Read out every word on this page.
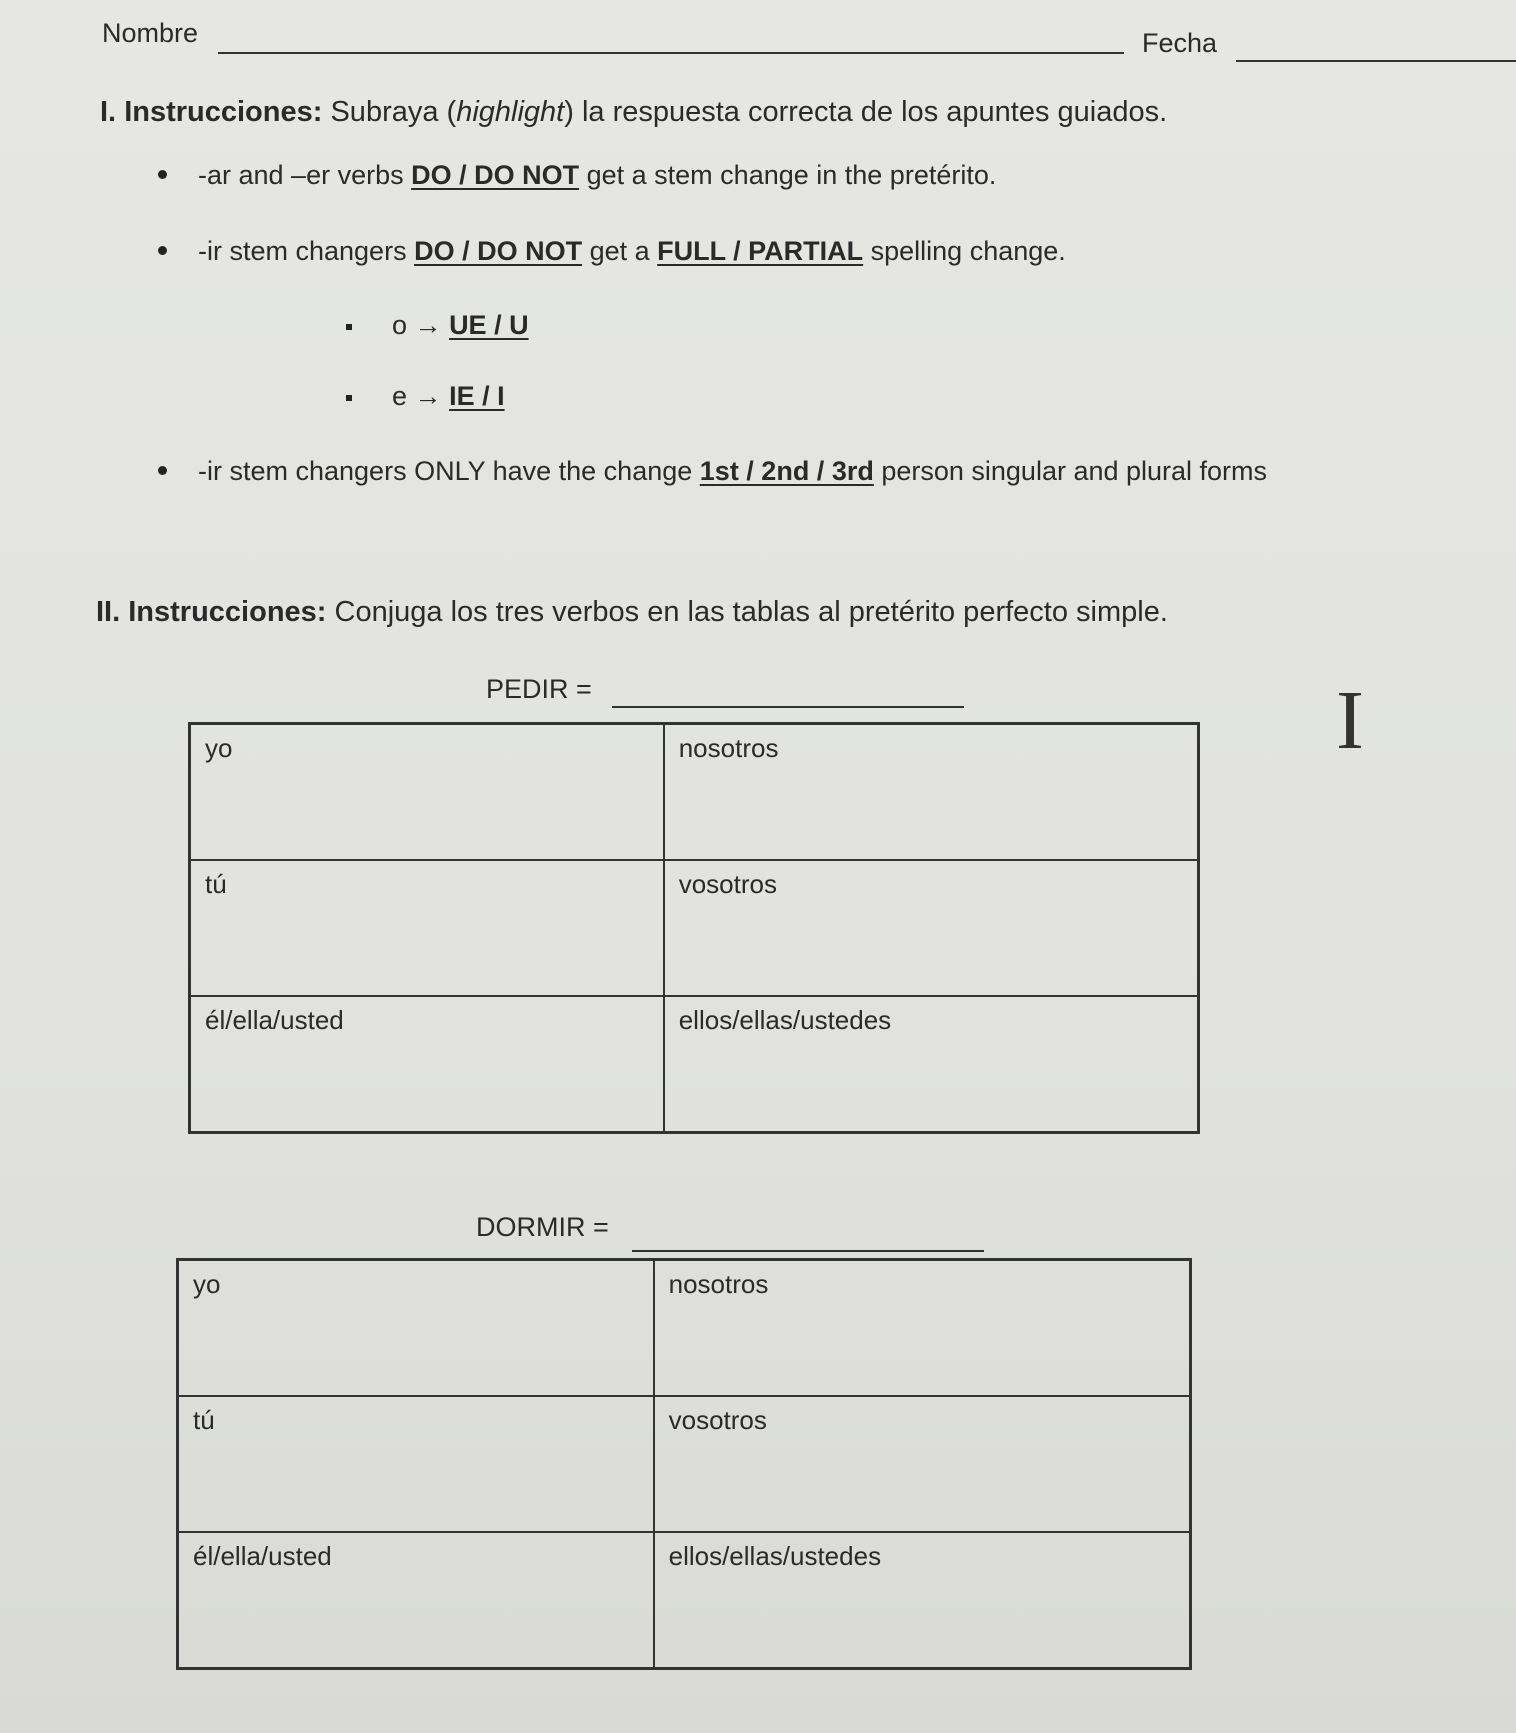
Nombre	Fecha
I. Instrucciones: Subraya (highlight) la respuesta correcta de los apuntes guiados.
-ar and –er verbs DO / DO NOT get a stem change in the pretérito.
-ir stem changers DO / DO NOT get a FULL / PARTIAL spelling change.
o → UE / U
e → IE / I
-ir stem changers ONLY have the change 1st / 2nd / 3rd person singular and plural forms
II. Instrucciones: Conjuga los tres verbos en las tablas al pretérito perfecto simple.
PEDIR =
yo	nosotros
tú	vosotros
él/ella/usted	ellos/ellas/ustedes
I
DORMIR =
yo	nosotros
tú	vosotros
él/ella/usted	ellos/ellas/ustedes
